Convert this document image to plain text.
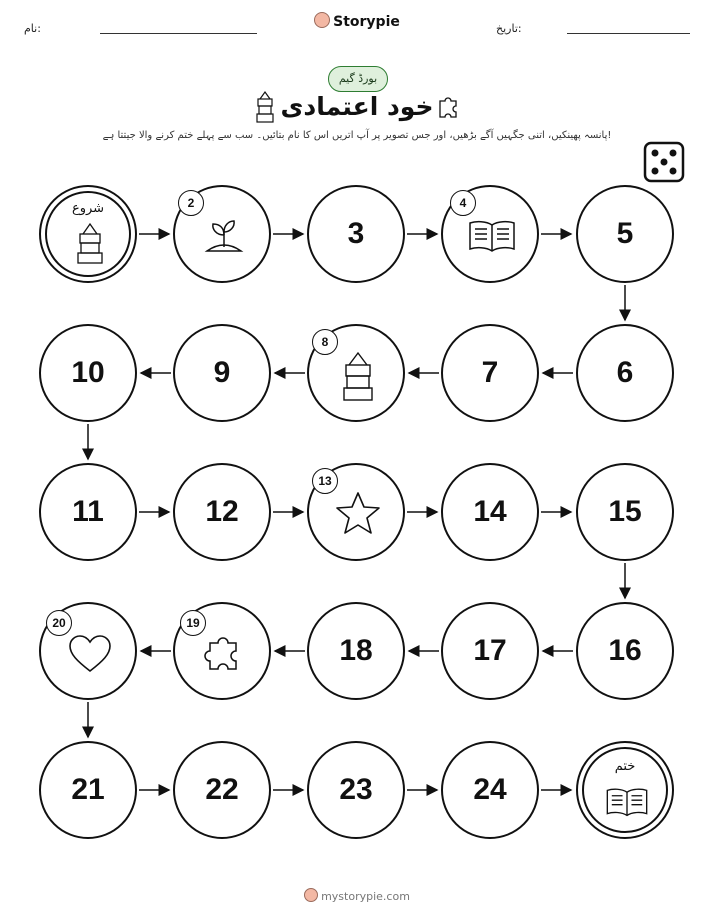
نام:	Storypie	تاریخ:
بورڈ گیم
خود اعتمادی
پانسہ پھینکیں، اتنی جگہیں آگے بڑھیں، اور جس تصویر پر آپ اتریں اس کا نام بتائیں۔ سب سے پہلے ختم کرنے والا جیتتا ہے!
شروع	2
3
4
5
6
7
8
9
10
11	12
13
14	15
16
17
18
19
20
21	22	23	24
ختم
mystorypie.com
